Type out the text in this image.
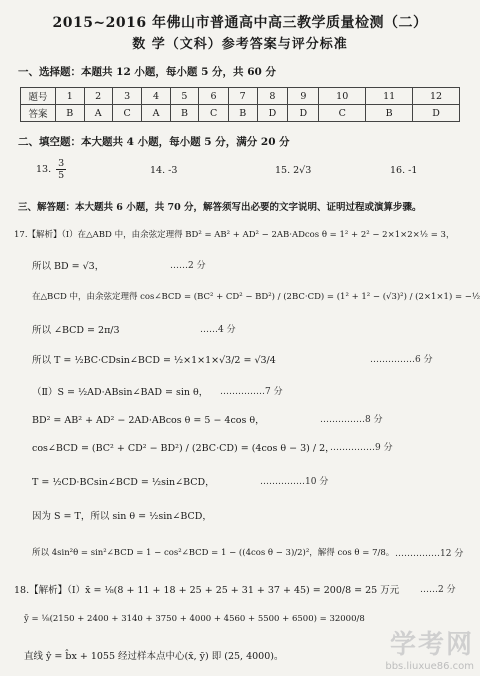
2015~2016 年佛山市普通高中高三教学质量检测（二）
数 学（文科）参考答案与评分标准
一、选择题：本题共 12 小题，每小题 5 分，共 60 分
题号	1	2	3	4	5	6	7	8	9	10	11	12
答案	B	A	C	A	B	C	B	D	D	C	B	D
二、填空题：本大题共 4 小题，每小题 5 分，满分 20 分
13. $\frac{3}{5}$	14. -3	15. 2√3	16. -1
三、解答题：本大题共 6 小题，共 70 分，解答须写出必要的文字说明、证明过程或演算步骤。
17.【解析】（Ⅰ）在△ABD 中，由余弦定理得 BD² = AB² + AD² − 2AB·ADcos θ = 1² + 2² − 2×1×2×½ = 3，
所以 BD = √3，	……2 分
在△BCD 中，由余弦定理得 cos∠BCD = (BC² + CD² − BD²) / (2BC·CD) = (1² + 1² − (√3)²) / (2×1×1) = −½
所以 ∠BCD = 2π/3	……4 分
所以 T = ½BC·CDsin∠BCD = ½×1×1×√3/2 = √3/4	……………6 分
（Ⅱ）S = ½AD·ABsin∠BAD = sin θ， ……………7 分
BD² = AB² + AD² − 2AD·ABcos θ = 5 − 4cos θ，	……………8 分
cos∠BCD = (BC² + CD² − BD²) / (2BC·CD) = (4cos θ − 3) / 2，
……………9 分
T = ½CD·BCsin∠BCD = ½sin∠BCD，	……………10 分
因为 S = T，所以 sin θ = ½sin∠BCD，
所以 4sin²θ = sin²∠BCD = 1 − cos²∠BCD = 1 − ((4cos θ − 3)/2)²，解得 cos θ = 7/8。 ……………12 分
18.【解析】（Ⅰ）x̄ = ⅛(8 + 11 + 18 + 25 + 25 + 31 + 37 + 45) = 200/8 = 25 万元 ……2 分
ȳ = ⅛(2150 + 2400 + 3140 + 3750 + 4000 + 4560 + 5500 + 6500) = 32000/8
直线 ŷ = b̂x + 1055 经过样本点中心(x̄, ȳ) 即 (25, 4000)。	学考网
bbs.liuxue86.com
